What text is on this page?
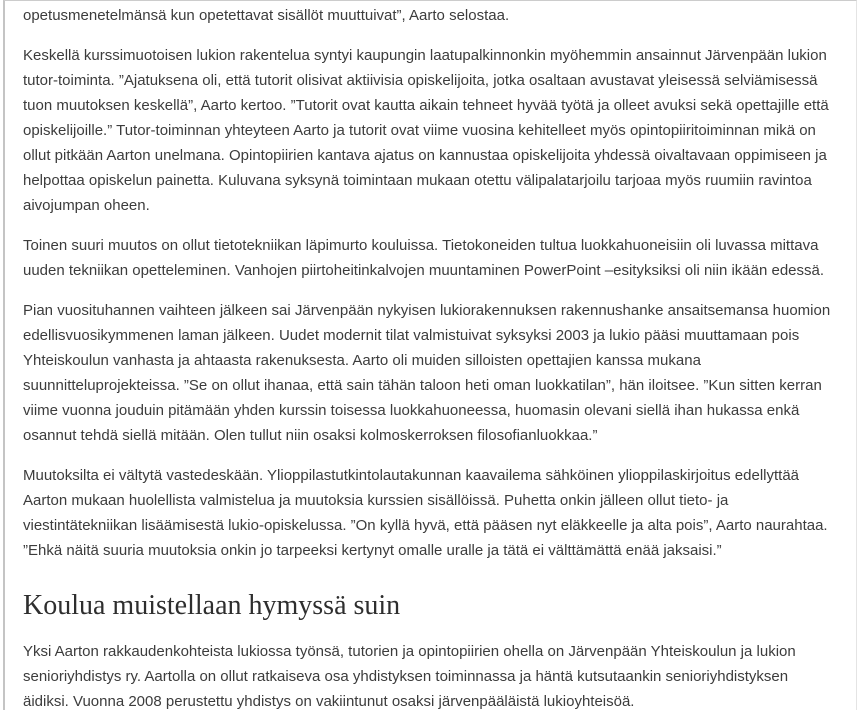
opetusmenetelmänsä kun opetettavat sisällöt muuttuivat”, Aarto selostaa.

Keskellä kurssimuotoisen lukion rakentelua syntyi kaupungin laatupalkinnonkin myöhemmin ansainnut Järvenpään lukion tutor-toiminta. ”Ajatuksena oli, että tutorit olisivat aktiivisia opiskelijoita, jotka osaltaan avustavat yleisessä selviämisessä tuon muutoksen keskellä”, Aarto kertoo. ”Tutorit ovat kautta aikain tehneet hyvää työtä ja olleet avuksi sekä opettajille että opiskelijoille.” Tutor-toiminnan yhteyteen Aarto ja tutorit ovat viime vuosina kehitelleet myös opintopiiritoiminnan mikä on ollut pitkään Aarton unelmana. Opintopiirien kantava ajatus on kannustaa opiskelijoita yhdessä oivaltavaan oppimiseen ja helpottaa opiskelun painetta. Kuluvana syksynä toimintaan mukaan otettu välipalatarjoilu tarjoaa myös ruumiin ravintoa aivojumpan oheen.

Toinen suuri muutos on ollut tietotekniikan läpimurto kouluissa. Tietokoneiden tultua luokkahuoneisiin oli luvassa mittava uuden tekniikan opetteleminen. Vanhojen piirtoheitinkalvojen muuntaminen PowerPoint –esityksiksi oli niin ikään edessä.

Pian vuosituhannen vaihteen jälkeen sai Järvenpään nykyisen lukiorakennuksen rakennushanke ansaitsemansa huomion edellisvuosikymmenen laman jälkeen. Uudet modernit tilat valmistuivat syksyksi 2003 ja lukio pääsi muuttamaan pois Yhteiskoulun vanhasta ja ahtaasta rakenuksesta. Aarto oli muiden silloisten opettajien kanssa mukana suunnitteluprojekteissa. ”Se on ollut ihanaa, että sain tähän taloon heti oman luokkatilan”, hän iloitsee. ”Kun sitten kerran viime vuonna jouduin pitämään yhden kurssin toisessa luokkahuoneessa, huomasin olevani siellä ihan hukassa enkä osannut tehdä siellä mitään. Olen tullut niin osaksi kolmoskerroksen filosofianluokkaa.”

Muutoksilta ei vältytä vastedeskään. Ylioppilastutkintolautakunnan kaavailema sähköinen ylioppilaskirjoitus edellyttää Aarton mukaan huolellista valmistelua ja muutoksia kurssien sisällöissä. Puhetta onkin jälleen ollut tieto- ja viestintätekniikan lisäämisestä lukio-opiskelussa. ”On kyllä hyvä, että pääsen nyt eläkkeelle ja alta pois”, Aarto naurahtaa. ”Ehkä näitä suuria muutoksia onkin jo tarpeeksi kertynyt omalle uralle ja tätä ei välttämättä enää jaksaisi.”

Koulua muistellaan hymyssä suin

Yksi Aarton rakkaudenkohteista lukiossa työnsä, tutorien ja opintopiirien ohella on Järvenpään Yhteiskoulun ja lukion senioriyhdistys ry. Aartolla on ollut ratkaiseva osa yhdistyksen toiminnassa ja häntä kutsutaankin senioriyhdistyksen äidiksi. Vuonna 2008 perustettu yhdistys on vakiintunut osaksi järvenpääläistä lukioyhteisöä.
